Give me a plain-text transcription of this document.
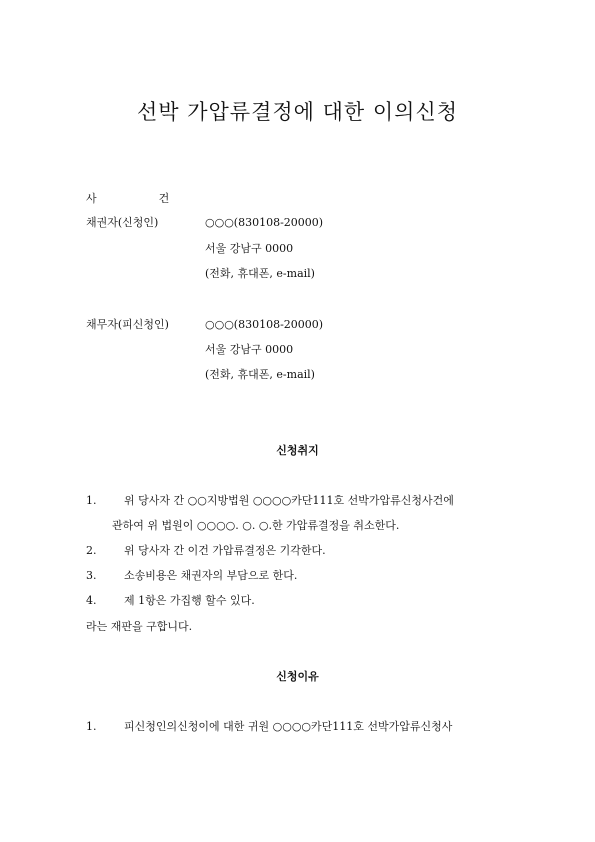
선박 가압류결정에 대한 이의신청
사	건
채권자(신청인)	○○○(830108-20000)
서울 강남구 0000
(전화, 휴대폰, e-mail)
채무자(피신청인)	○○○(830108-20000)
서울 강남구 0000
(전화, 휴대폰, e-mail)
신청취지
1.	위 당사자 간 ○○지방법원 ○○○○카단111호 선박가압류신청사건에
관하여 위 법원이 ○○○○. ○. ○.한 가압류결정을 취소한다.
2.	위 당사자 간 이건 가압류결정은 기각한다.
3.	소송비용은 채권자의 부담으로 한다.
4.	제 1항은 가집행 할수 있다.
라는 재판을 구합니다.
신청이유
1.	피신청인의신청이에 대한 귀원 ○○○○카단111호 선박가압류신청사
